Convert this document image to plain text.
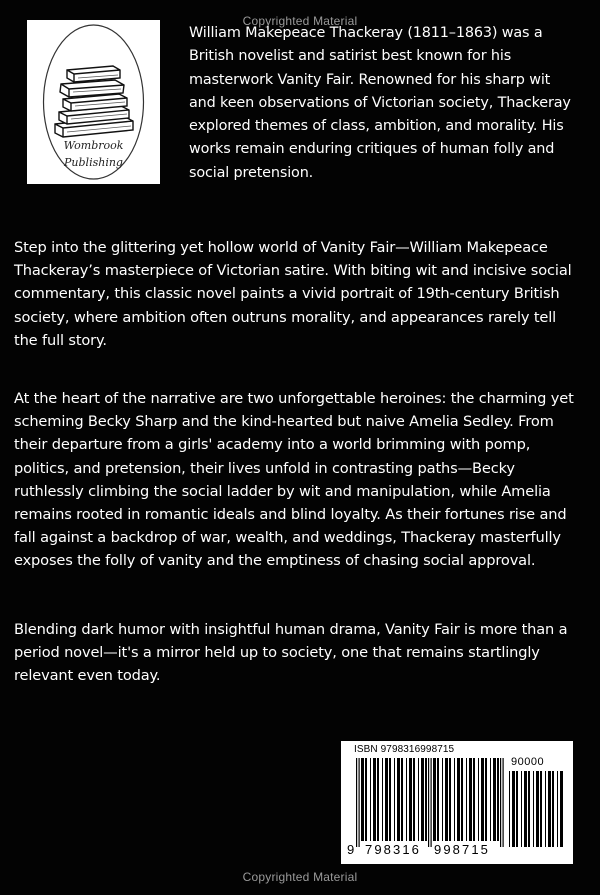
Copyrighted Material
Wombrook
Publishing
William Makepeace Thackeray (1811–1863) was a British novelist and satirist best known for his masterwork Vanity Fair. Renowned for his sharp wit and keen observations of Victorian society, Thackeray explored themes of class, ambition, and morality. His works remain enduring critiques of human folly and social pretension.
Step into the glittering yet hollow world of Vanity Fair—William Makepeace Thackeray’s masterpiece of Victorian satire. With biting wit and incisive social commentary, this classic novel paints a vivid portrait of 19th-century British society, where ambition often outruns morality, and appearances rarely tell the full story.
At the heart of the narrative are two unforgettable heroines: the charming yet scheming Becky Sharp and the kind-hearted but naive Amelia Sedley. From their departure from a girls' academy into a world brimming with pomp, politics, and pretension, their lives unfold in contrasting paths—Becky ruthlessly climbing the social ladder by wit and manipulation, while Amelia remains rooted in romantic ideals and blind loyalty. As their fortunes rise and fall against a backdrop of war, wealth, and weddings, Thackeray masterfully exposes the folly of vanity and the emptiness of chasing social approval.
Blending dark humor with insightful human drama, Vanity Fair is more than a period novel—it's a mirror held up to society, one that remains startlingly relevant even today.
ISBN 9798316998715
90000
9 798316 998715
Copyrighted Material
